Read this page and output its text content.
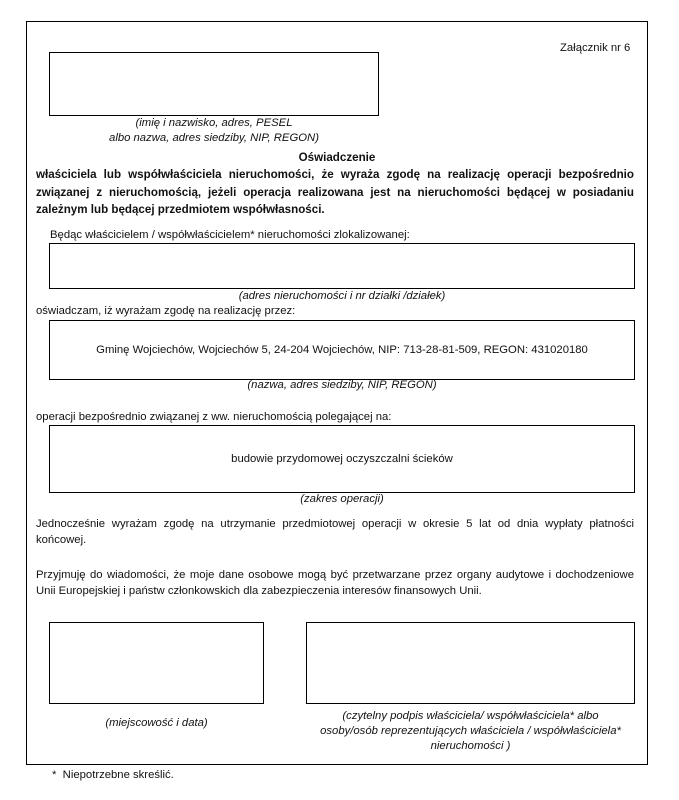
Załącznik nr 6
(imię i nazwisko, adres, PESEL
albo nazwa, adres siedziby, NIP, REGON)
Oświadczenie
właściciela lub współwłaściciela nieruchomości, że wyraża zgodę na realizację operacji bezpośrednio związanej z nieruchomością, jeżeli operacja realizowana jest na nieruchomości będącej w posiadaniu zależnym lub będącej przedmiotem współwłasności.
Będąc właścicielem / współwłaścicielem* nieruchomości zlokalizowanej:
(adres nieruchomości i nr działki /działek)
oświadczam, iż wyrażam zgodę na realizację przez:
Gminę Wojciechów, Wojciechów 5, 24-204 Wojciechów, NIP: 713-28-81-509, REGON: 431020180
(nazwa, adres siedziby, NIP, REGON)
operacji bezpośrednio związanej z ww. nieruchomością polegającej na:
budowie przydomowej oczyszczalni ścieków
(zakres operacji)
Jednocześnie wyrażam zgodę na utrzymanie przedmiotowej operacji w okresie 5 lat od dnia wypłaty płatności końcowej.
Przyjmuję do wiadomości, że moje dane osobowe mogą być przetwarzane przez organy audytowe i dochodzeniowe Unii Europejskiej i państw członkowskich dla zabezpieczenia interesów finansowych Unii.
(miejscowość i data)
(czytelny podpis właściciela/ współwłaściciela* albo
osoby/osób reprezentujących właściciela / współwłaściciela*
nieruchomości )
*  Niepotrzebne skreślić.
